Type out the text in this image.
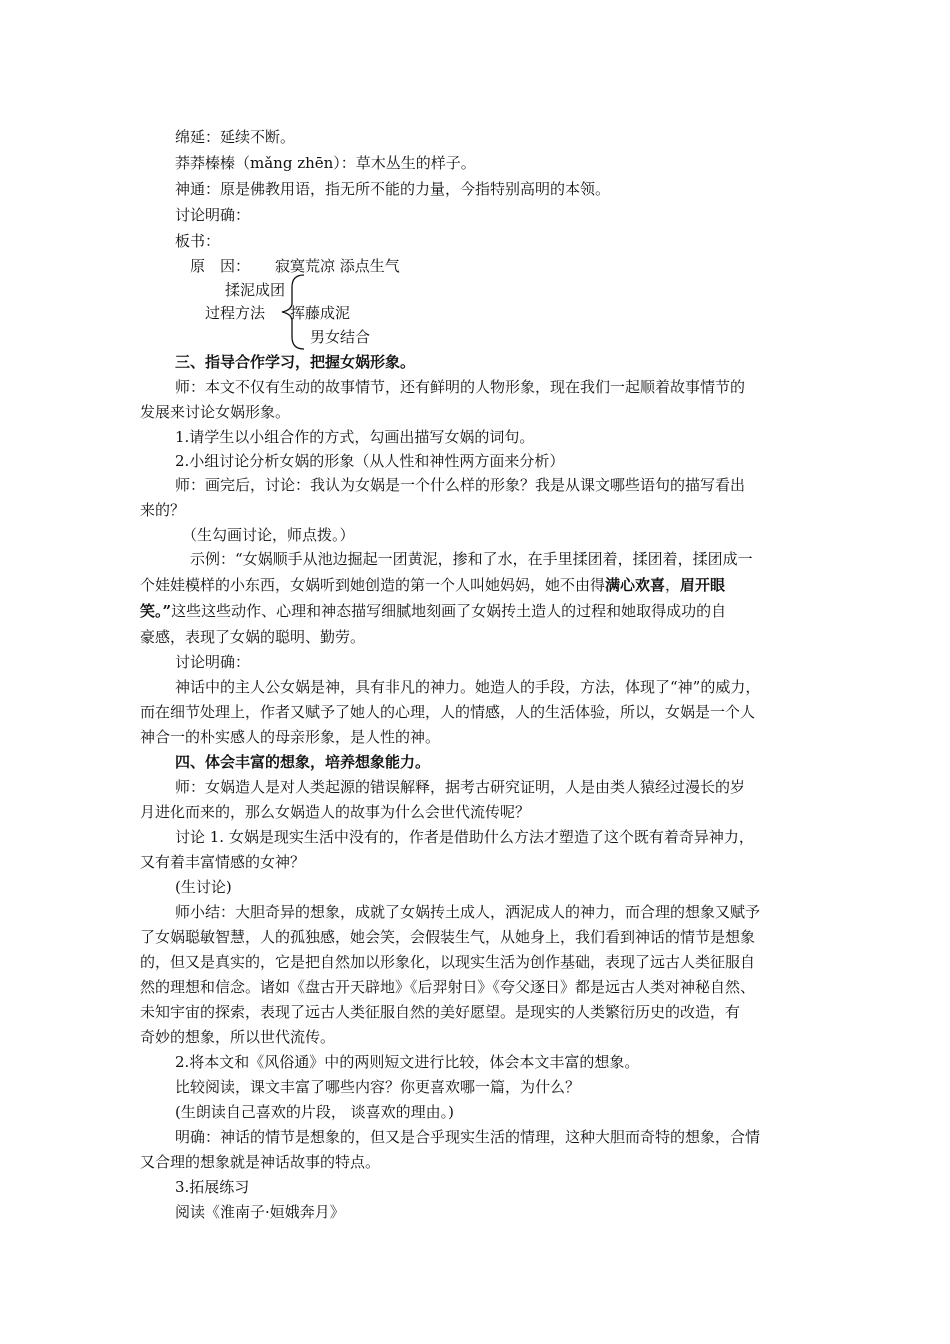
绵延：延续不断。
莽莽榛榛（mǎng zhēn）：草木丛生的样子。
神通：原是佛教用语，指无所不能的力量，今指特别高明的本领。
讨论明确：
板书：
原　因： 寂寞荒凉 添点生气
揉泥成团
过程方法 挥藤成泥
男女结合
三、指导合作学习，把握女娲形象。
师：本文不仅有生动的故事情节，还有鲜明的人物形象，现在我们一起顺着故事情节的
发展来讨论女娲形象。
1.请学生以小组合作的方式，勾画出描写女娲的词句。
2.小组讨论分析女娲的形象（从人性和神性两方面来分析）
师：画完后，讨论：我认为女娲是一个什么样的形象？我是从课文哪些语句的描写看出
来的？
（生勾画讨论，师点拨。）
示例：“女娲顺手从池边掘起一团黄泥，掺和了水，在手里揉团着，揉团着，揉团成一
个娃娃模样的小东西，女娲听到她创造的第一个人叫她妈妈，她不由得满心欢喜，眉开眼
笑。”这些这些动作、心理和神态描写细腻地刻画了女娲抟土造人的过程和她取得成功的自
豪感，表现了女娲的聪明、勤劳。
讨论明确：
神话中的主人公女娲是神，具有非凡的神力。她造人的手段，方法，体现了“神”的威力，
而在细节处理上，作者又赋予了她人的心理，人的情感，人的生活体验，所以，女娲是一个人
神合一的朴实感人的母亲形象，是人性的神。
四、体会丰富的想象，培养想象能力。
师：女娲造人是对人类起源的错误解释，据考古研究证明，人是由类人猿经过漫长的岁
月进化而来的，那么女娲造人的故事为什么会世代流传呢？
讨论 1. 女娲是现实生活中没有的，作者是借助什么方法才塑造了这个既有着奇异神力，
又有着丰富情感的女神？
(生讨论)
师小结：大胆奇异的想象，成就了女娲抟土成人，洒泥成人的神力，而合理的想象又赋予
了女娲聪敏智慧，人的孤独感，她会笑，会假装生气，从她身上，我们看到神话的情节是想象
的，但又是真实的，它是把自然加以形象化，以现实生活为创作基础，表现了远古人类征服自
然的理想和信念。诸如《盘古开天辟地》《后羿射日》《夸父逐日》都是远古人类对神秘自然、
未知宇宙的探索，表现了远古人类征服自然的美好愿望。是现实的人类繁衍历史的改造，有
奇妙的想象，所以世代流传。
2.将本文和《风俗通》中的两则短文进行比较，体会本文丰富的想象。
比较阅读，课文丰富了哪些内容？你更喜欢哪一篇，为什么？
(生朗读自己喜欢的片段， 谈喜欢的理由。)
明确：神话的情节是想象的，但又是合乎现实生活的情理，这种大胆而奇特的想象，合情
又合理的想象就是神话故事的特点。
3.拓展练习
阅读《淮南子·姮娥奔月》
